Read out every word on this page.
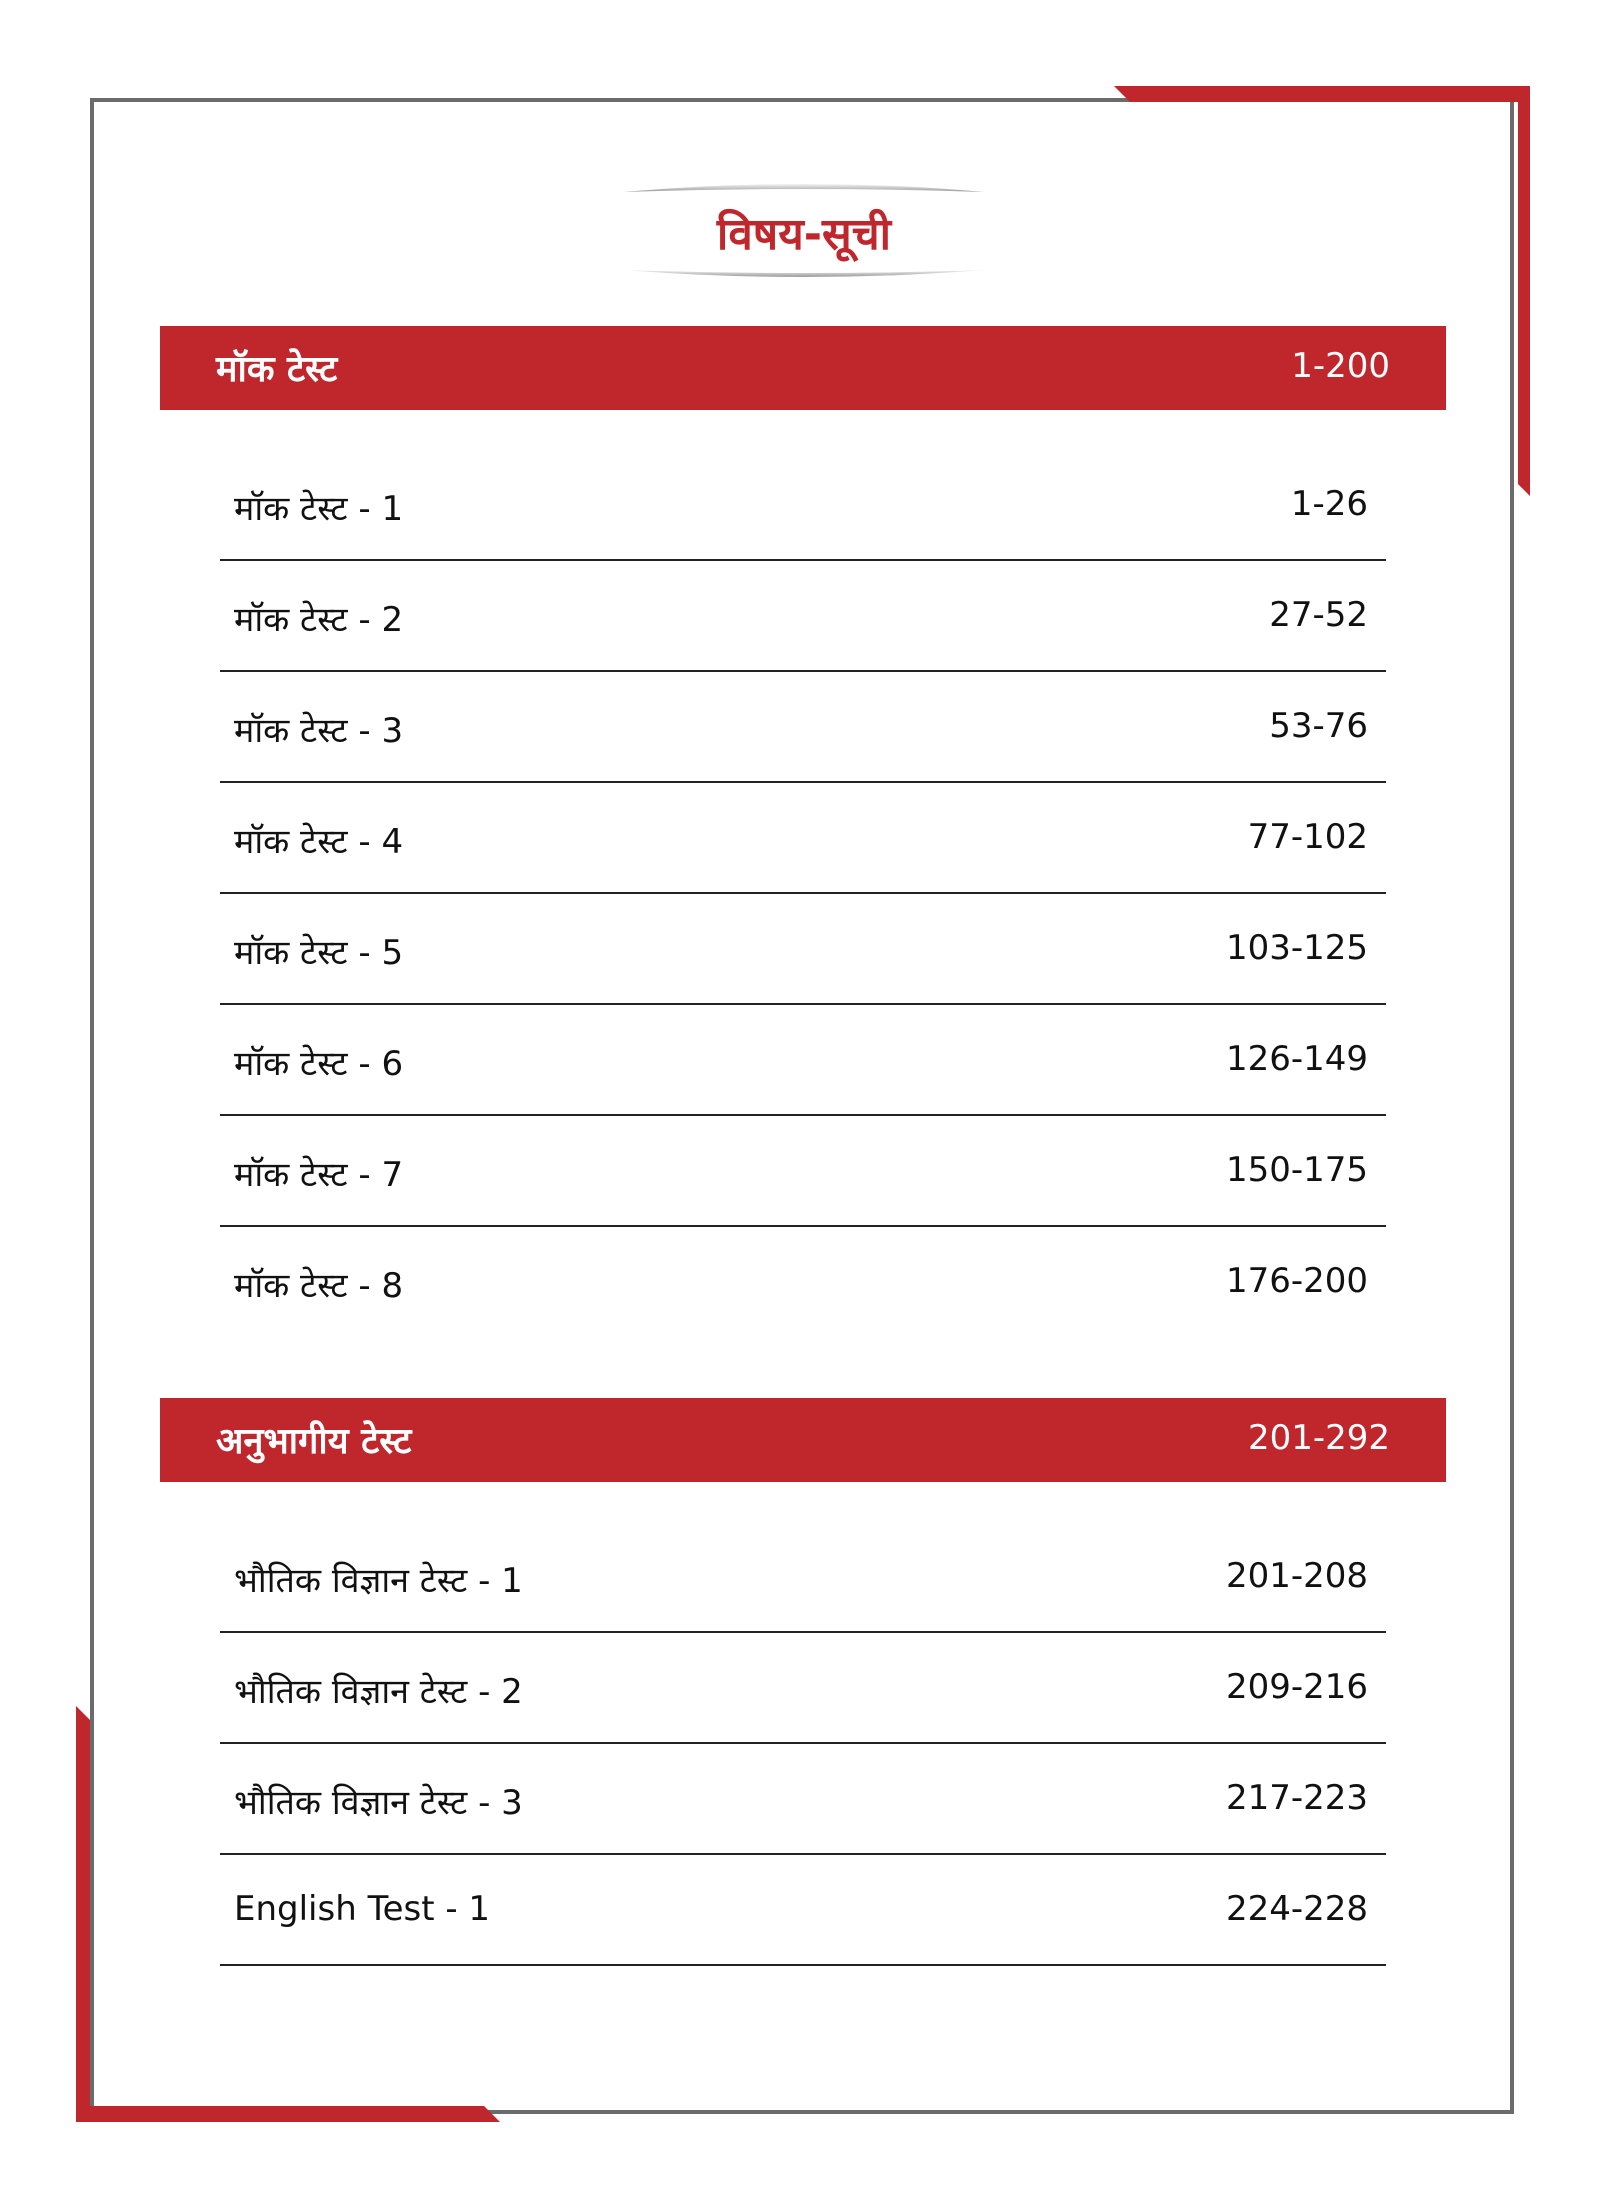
विषय-सूची
मॉक टेस्ट	1-200
मॉक टेस्ट - 1	1-26
मॉक टेस्ट - 2	27-52
मॉक टेस्ट - 3	53-76
मॉक टेस्ट - 4	77-102
मॉक टेस्ट - 5	103-125
मॉक टेस्ट - 6	126-149
मॉक टेस्ट - 7	150-175
मॉक टेस्ट - 8	176-200
अनुभागीय टेस्ट	201-292
भौतिक विज्ञान टेस्ट - 1	201-208
भौतिक विज्ञान टेस्ट - 2	209-216
भौतिक विज्ञान टेस्ट - 3	217-223
English Test - 1	224-228
